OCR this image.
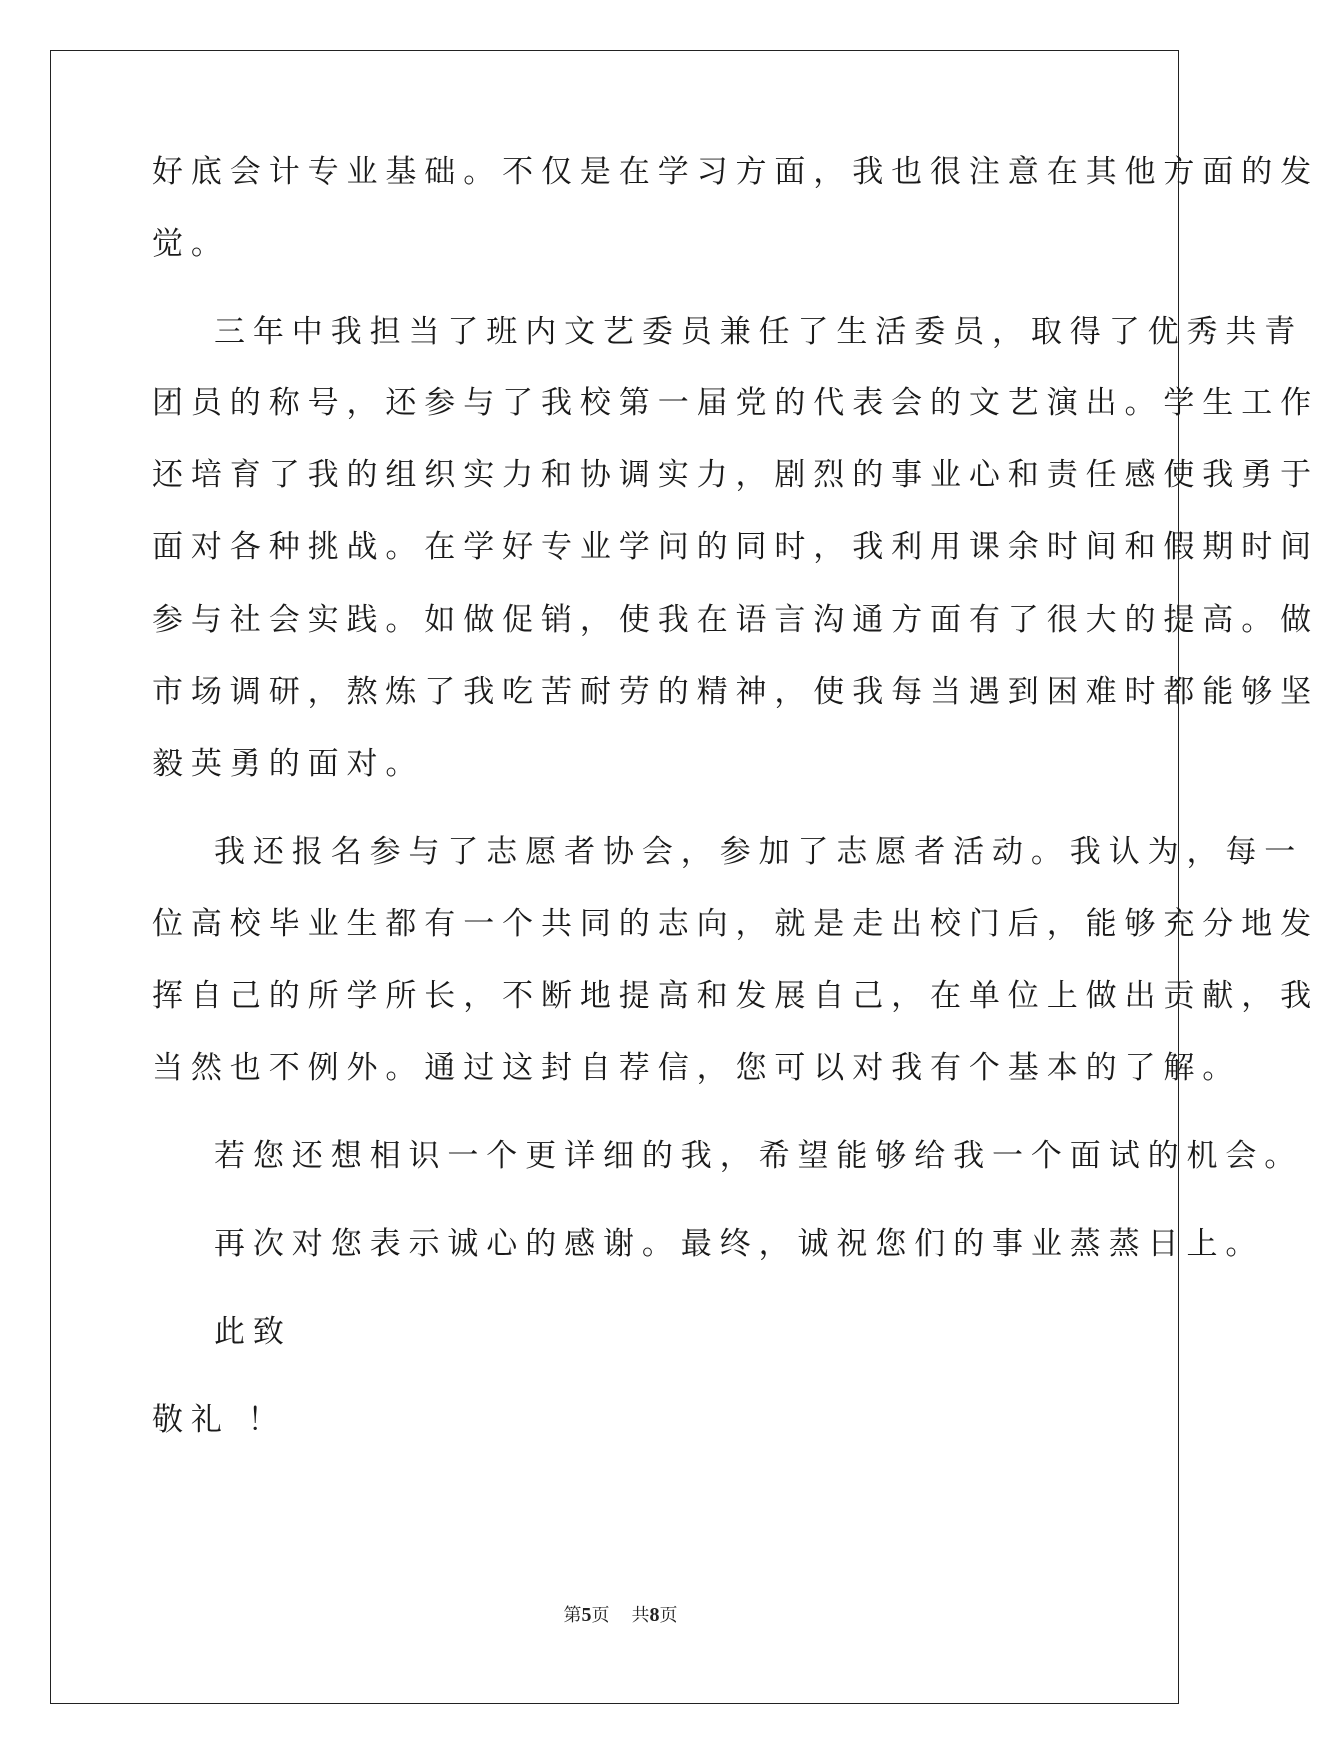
好底会计专业基础。不仅是在学习方面，我也很注意在其他方面的发
觉。
三年中我担当了班内文艺委员兼任了生活委员，取得了优秀共青
团员的称号，还参与了我校第一届党的代表会的文艺演出。学生工作
还培育了我的组织实力和协调实力，剧烈的事业心和责任感使我勇于
面对各种挑战。在学好专业学问的同时，我利用课余时间和假期时间
参与社会实践。如做促销，使我在语言沟通方面有了很大的提高。做
市场调研，熬炼了我吃苦耐劳的精神，使我每当遇到困难时都能够坚
毅英勇的面对。
我还报名参与了志愿者协会，参加了志愿者活动。我认为，每一
位高校毕业生都有一个共同的志向，就是走出校门后，能够充分地发
挥自己的所学所长，不断地提高和发展自己，在单位上做出贡献，我
当然也不例外。通过这封自荐信，您可以对我有个基本的了解。
若您还想相识一个更详细的我，希望能够给我一个面试的机会。
再次对您表示诚心的感谢。最终，诚祝您们的事业蒸蒸日上。
此致
敬礼 ！
第5页 共8页
